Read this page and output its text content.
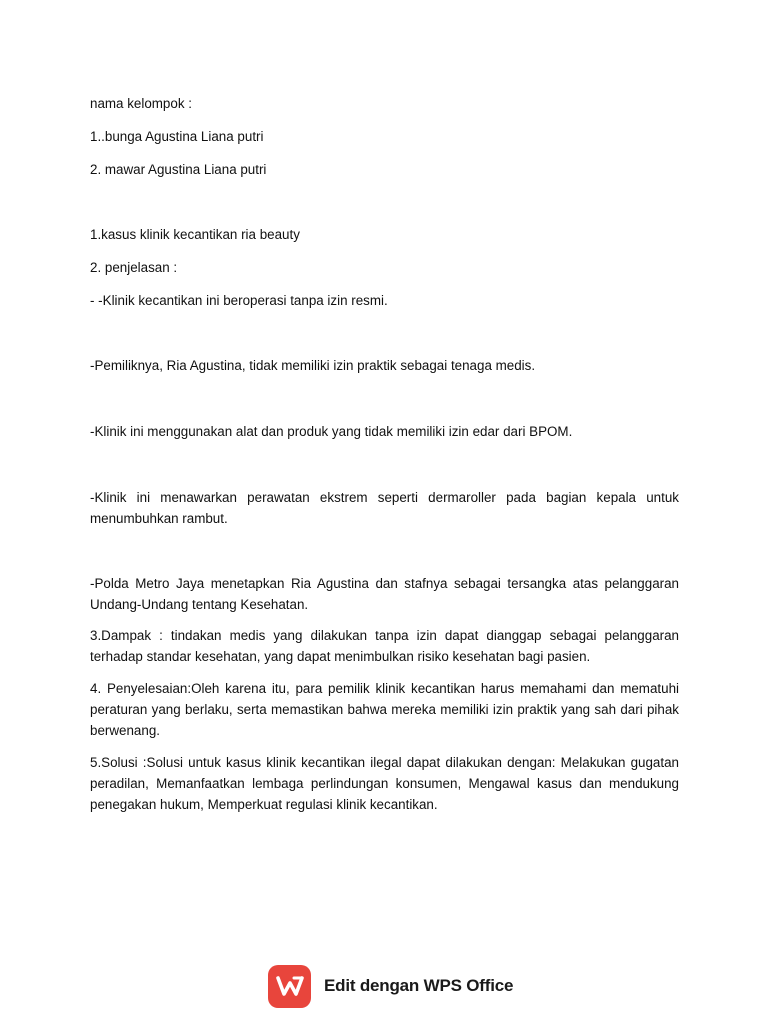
nama kelompok :
1..bunga Agustina Liana putri
2. mawar Agustina Liana putri
1.kasus klinik kecantikan ria beauty
2. penjelasan :
- -Klinik kecantikan ini beroperasi tanpa izin resmi.
-Pemiliknya, Ria Agustina, tidak memiliki izin praktik sebagai tenaga medis.
-Klinik ini menggunakan alat dan produk yang tidak memiliki izin edar dari BPOM.
-Klinik ini menawarkan perawatan ekstrem seperti dermaroller pada bagian kepala untuk menumbuhkan rambut.
-Polda Metro Jaya menetapkan Ria Agustina dan stafnya sebagai tersangka atas pelanggaran Undang-Undang tentang Kesehatan.
3.Dampak : tindakan medis yang dilakukan tanpa izin dapat dianggap sebagai pelanggaran terhadap standar kesehatan, yang dapat menimbulkan risiko kesehatan bagi pasien.
4. Penyelesaian:Oleh karena itu, para pemilik klinik kecantikan harus memahami dan mematuhi peraturan yang berlaku, serta memastikan bahwa mereka memiliki izin praktik yang sah dari pihak berwenang.
5.Solusi :Solusi untuk kasus klinik kecantikan ilegal dapat dilakukan dengan: Melakukan gugatan peradilan, Memanfaatkan lembaga perlindungan konsumen, Mengawal kasus dan mendukung penegakan hukum, Memperkuat regulasi klinik kecantikan.
Edit dengan WPS Office
